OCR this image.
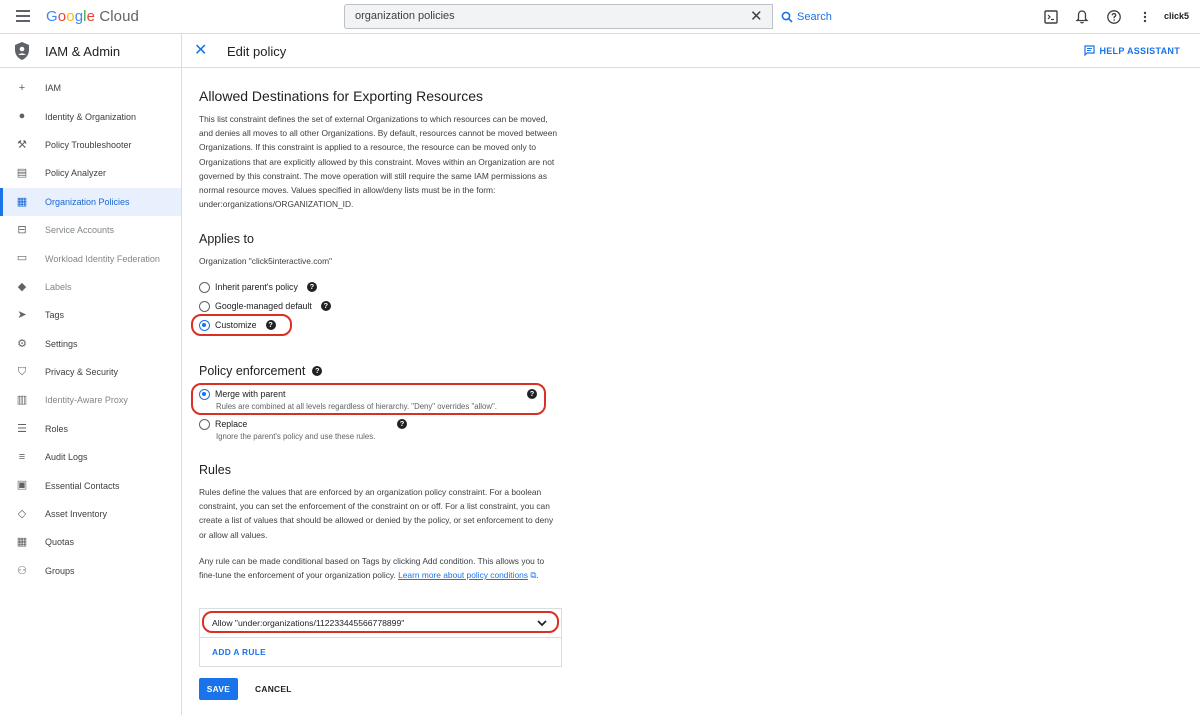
Google Cloud	organization policies	✕	Search	click5
IAM & Admin
+	IAM
● Identity & Organization
⚒ Policy Troubleshooter
▤ Policy Analyzer
▦ Organization Policies
⊟ Service Accounts
▭ Workload Identity Federation
◆ Labels
➤ Tags
⚙ Settings
⛉ Privacy & Security
▥ Identity-Aware Proxy
☰ Roles
≡	Audit Logs
▣ Essential Contacts
◇ Asset Inventory
▦ Quotas
⚇ Groups
✕ Edit policy	HELP ASSISTANT
Allowed Destinations for Exporting Resources
This list constraint defines the set of external Organizations to which resources can be moved, and denies all moves to all other Organizations. By default, resources cannot be moved between Organizations. If this constraint is applied to a resource, the resource can be moved only to Organizations that are explicitly allowed by this constraint. Moves within an Organization are not governed by this constraint. The move operation will still require the same IAM permissions as normal resource moves. Values specified in allow/deny lists must be in the form: under:organizations/ORGANIZATION_ID.
Applies to
Organization "click5interactive.com"
Inherit parent's policy	?
Google-managed default	?
Customize	?
Policy enforcement	?
Merge with parent	?
Rules are combined at all levels regardless of hierarchy. "Deny" overrides "allow".
Replace	?
Ignore the parent's policy and use these rules.
Rules
Rules define the values that are enforced by an organization policy constraint. For a boolean constraint, you can set the enforcement of the constraint on or off. For a list constraint, you can create a list of values that should be allowed or denied by the policy, or set enforcement to deny or allow all values.
Any rule can be made conditional based on Tags by clicking Add condition. This allows you to fine-tune the enforcement of your organization policy. Learn more about policy conditions ⧉.
Allow "under:organizations/112233445566778899"
ADD A RULE
SAVE	CANCEL
